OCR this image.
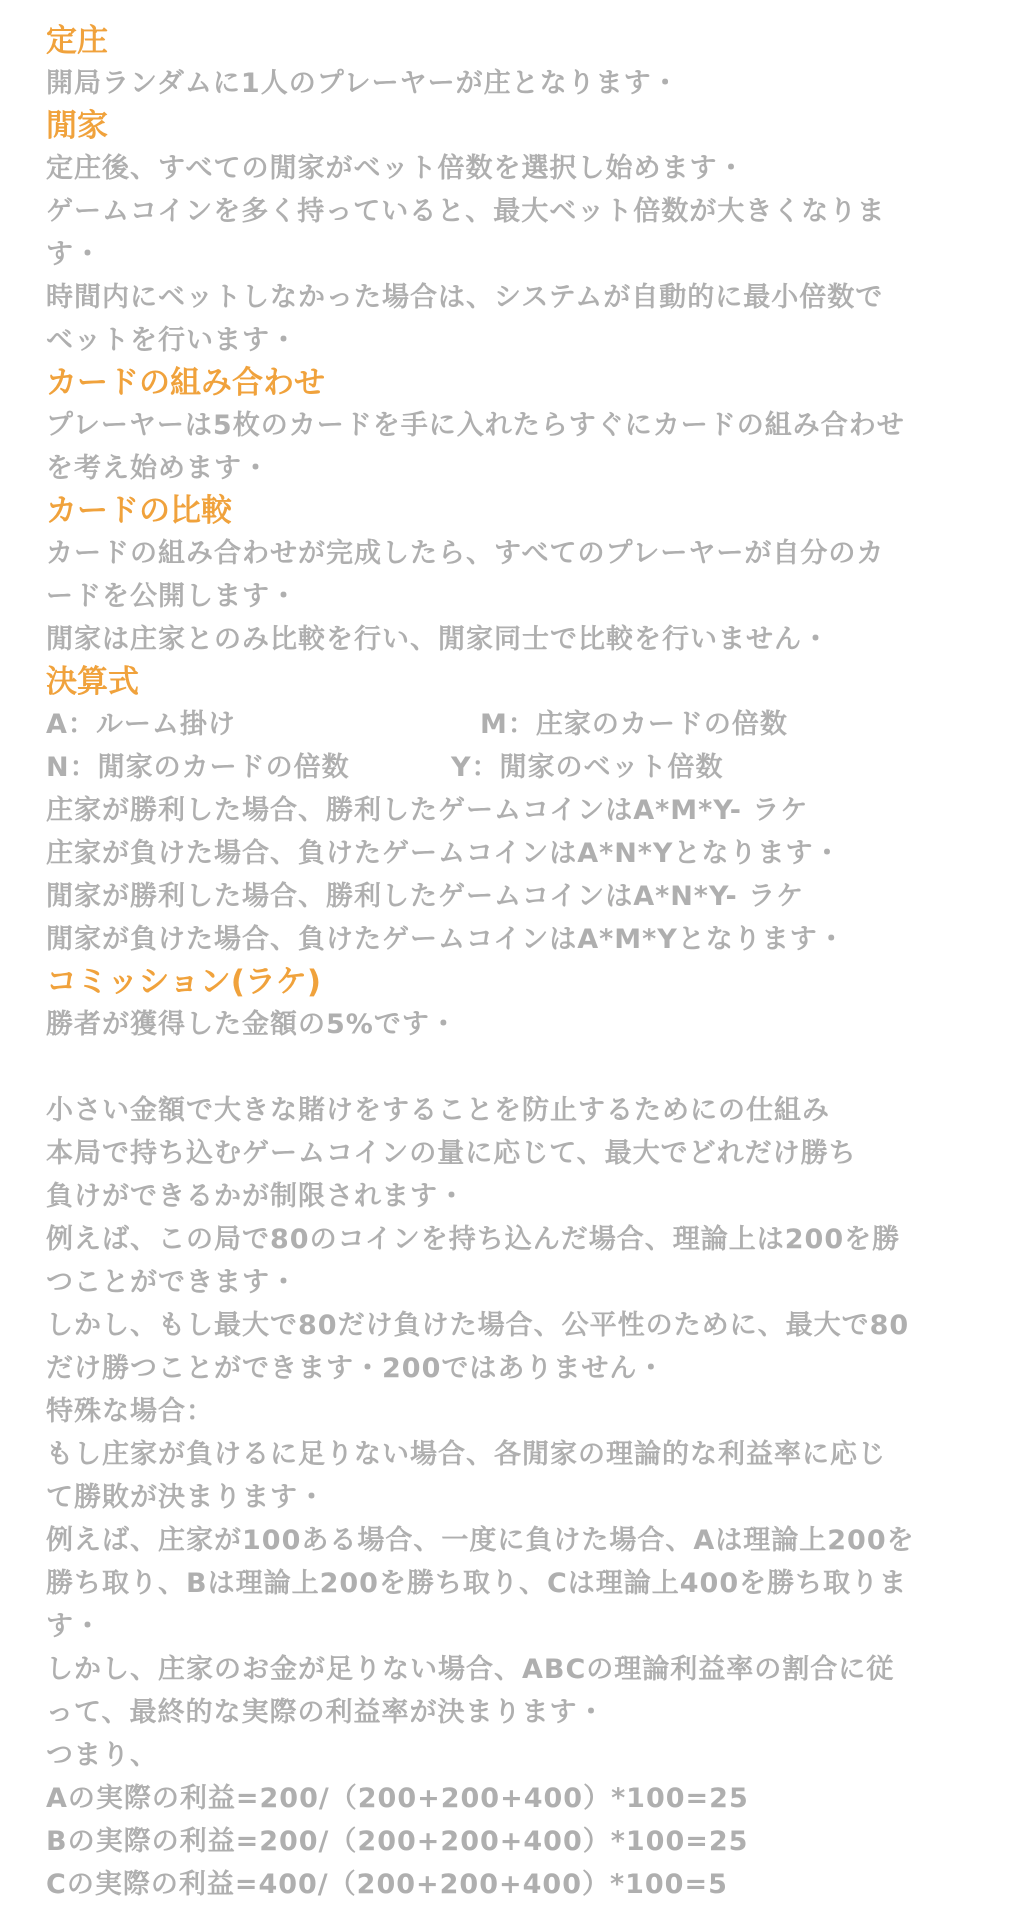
定庄

開局ランダムに1人のプレーヤーが庄となります・

閒家

定庄後、すべての閒家がベット倍数を選択し始めます・

ゲームコインを多く持っていると、最大ベット倍数が大きくなりま

す・

時間内にベットしなかった場合は、システムが自動的に最小倍数で

ベットを行います・

カードの組み合わせ

プレーヤーは5枚のカードを手に入れたらすぐにカードの組み合わせ

を考え始めます・

カードの比較

カードの組み合わせが完成したら、すべてのプレーヤーが自分のカ

ードを公開します・

閒家は庄家とのみ比較を行い、閒家同士で比較を行いません・

決算式
A：ルーム掛け	M：庄家のカードの倍数
N：閒家のカードの倍数	Y：閒家のベット倍数

庄家が勝利した場合、勝利したゲームコインはA*M*Y- ラケ

庄家が負けた場合、負けたゲームコインはA*N*Yとなります・

閒家が勝利した場合、勝利したゲームコインはA*N*Y- ラケ

閒家が負けた場合、負けたゲームコインはA*M*Yとなります・

コミッション(ラケ)

勝者が獲得した金額の5%です・

小さい金額で大きな賭けをすることを防止するためにの仕組み

本局で持ち込むゲームコインの量に応じて、最大でどれだけ勝ち

負けができるかが制限されます・

例えば、この局で80のコインを持ち込んだ場合、理論上は200を勝

つことができます・

しかし、もし最大で80だけ負けた場合、公平性のために、最大で80

だけ勝つことができます・200ではありません・

特殊な場合：

もし庄家が負けるに足りない場合、各閒家の理論的な利益率に応じ

て勝敗が決まります・

例えば、庄家が100ある場合、一度に負けた場合、Aは理論上200を

勝ち取り、Bは理論上200を勝ち取り、Cは理論上400を勝ち取りま

す・

しかし、庄家のお金が足りない場合、ABCの理論利益率の割合に従

って、最終的な実際の利益率が決まります・

つまり、

Aの実際の利益=200/（200+200+400）*100=25

Bの実際の利益=200/（200+200+400）*100=25

Cの実際の利益=400/（200+200+400）*100=5
